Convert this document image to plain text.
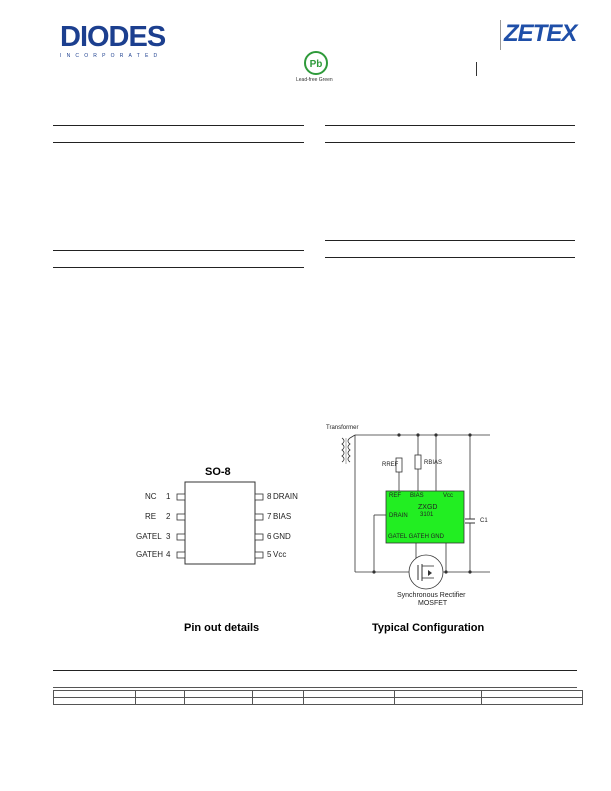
DIODES
INCORPORATED
ZETEX
Pb
Lead-free Green
SO-8
NC 1
RE 2
GATEL 3
GATEH 4
8 DRAIN
7 BIAS
6 GND
5 Vcc
Pin out details
Transformer
RREF	RBIAS
C1
REF BIAS	Vcc
ZXGD
3101
DRAIN
GATEL GATEH GND
Synchronous Rectifier
MOSFET
Typical Configuration
